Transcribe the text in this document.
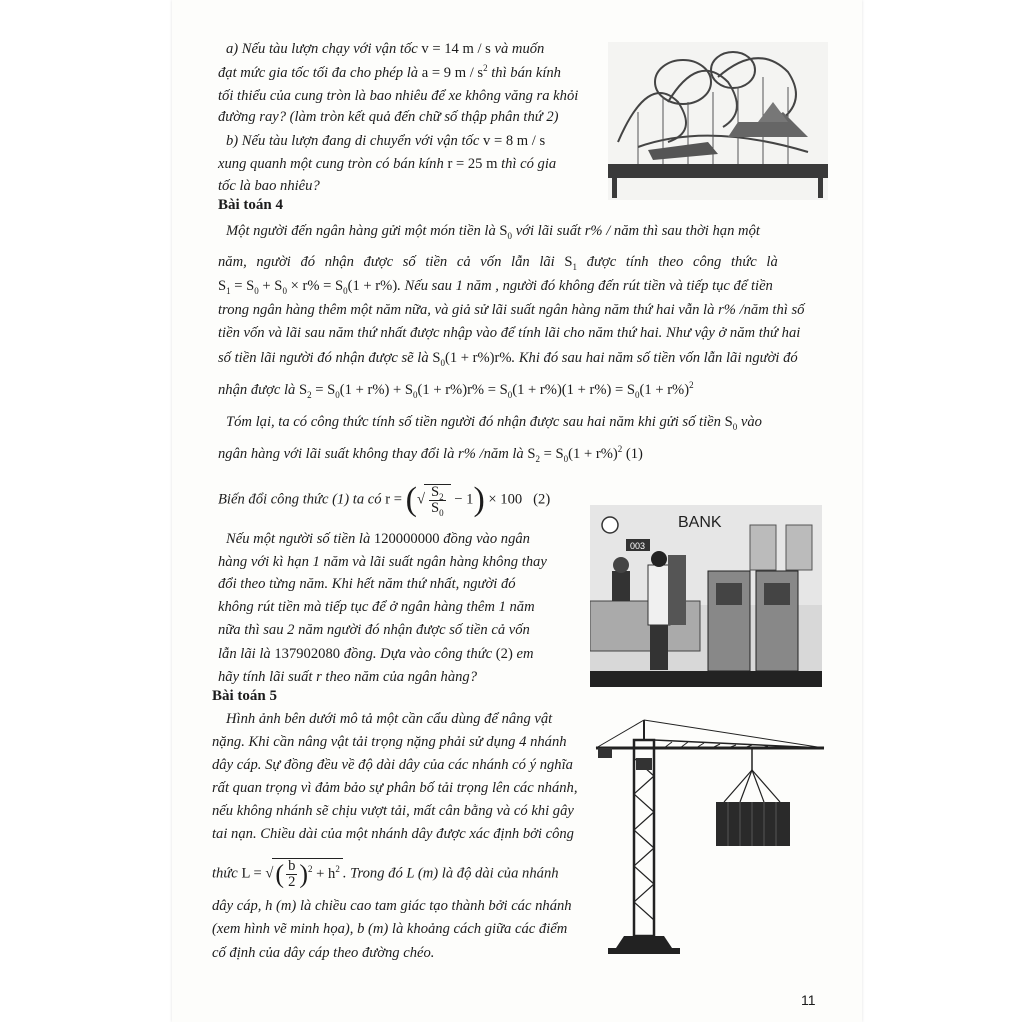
a) Nếu tàu lượn chạy với vận tốc v = 14 m / s và muốn
đạt mức gia tốc tối đa cho phép là a = 9 m / $s^2$ thì bán kính
tối thiểu của cung tròn là bao nhiêu để xe không văng ra khỏi
đường ray? (làm tròn kết quả đến chữ số thập phân thứ 2)
b) Nếu tàu lượn đang di chuyển với vận tốc v = 8 m / s
xung quanh một cung tròn có bán kính r = 25 m thì có gia
tốc là bao nhiêu?
Bài toán 4
Một người đến ngân hàng gửi một món tiền là $S_0$ với lãi suất r% / năm thì sau thời hạn một
năm, người đó nhận được số tiền cả vốn lẫn lãi $S_1$ được tính theo công thức là
$S_1 = S_0 + S_0 \times r\% = S_0(1 + r\%)$. Nếu sau 1 năm , người đó không đến rút tiền và tiếp tục để tiền
trong ngân hàng thêm một năm nữa, và giả sử lãi suất ngân hàng năm thứ hai vẫn là r% /năm thì số
tiền vốn và lãi sau năm thứ nhất được nhập vào để tính lãi cho năm thứ hai. Như vậy ở năm thứ hai
số tiền lãi người đó nhận được sẽ là $S_0(1 + r\%)r\%$. Khi đó sau hai năm số tiền vốn lẫn lãi người đó
nhận được là $S_2 = S_0(1 + r\%) + S_0(1 + r\%)r\% = S_0(1 + r\%)(1 + r\%) = S_0(1 + r\%)^2$
Tóm lại, ta có công thức tính số tiền người đó nhận được sau hai năm khi gửi số tiền $S_0$ vào
ngân hàng với lãi suất không thay đổi là r% /năm là $S_2 = S_0(1 + r\%)^2$ (1)
Biến đổi công thức (1) ta có r = (√ $\frac{S_2}{S_0} - 1) \times 100$ (2)
Nếu một người số tiền là 120000000 đồng vào ngân
hàng với kì hạn 1 năm và lãi suất ngân hàng không thay
đổi theo từng năm. Khi hết năm thứ nhất, người đó
không rút tiền mà tiếp tục để ở ngân hàng thêm 1 năm
nữa thì sau 2 năm người đó nhận được số tiền cả vốn
lẫn lãi là 137902080 đồng. Dựa vào công thức (2) em
hãy tính lãi suất r theo năm của ngân hàng?
BANK
003
Bài toán 5
Hình ảnh bên dưới mô tả một cần cẩu dùng để nâng vật
nặng. Khi cần nâng vật tải trọng nặng phải sử dụng 4 nhánh
dây cáp. Sự đồng đều về độ dài dây của các nhánh có ý nghĩa
rất quan trọng vì đảm bảo sự phân bố tải trọng lên các nhánh,
nếu không nhánh sẽ chịu vượt tải, mất cân bằng và có khi gây
tai nạn. Chiều dài của một nhánh dây được xác định bởi công
thức L = √( $\frac{b}{2} )^2 + h^2$ . Trong đó L (m) là độ dài của nhánh
dây cáp, h (m) là chiều cao tam giác tạo thành bởi các nhánh
(xem hình vẽ minh họa), b (m) là khoảng cách giữa các điểm
cố định của dây cáp theo đường chéo.
11
